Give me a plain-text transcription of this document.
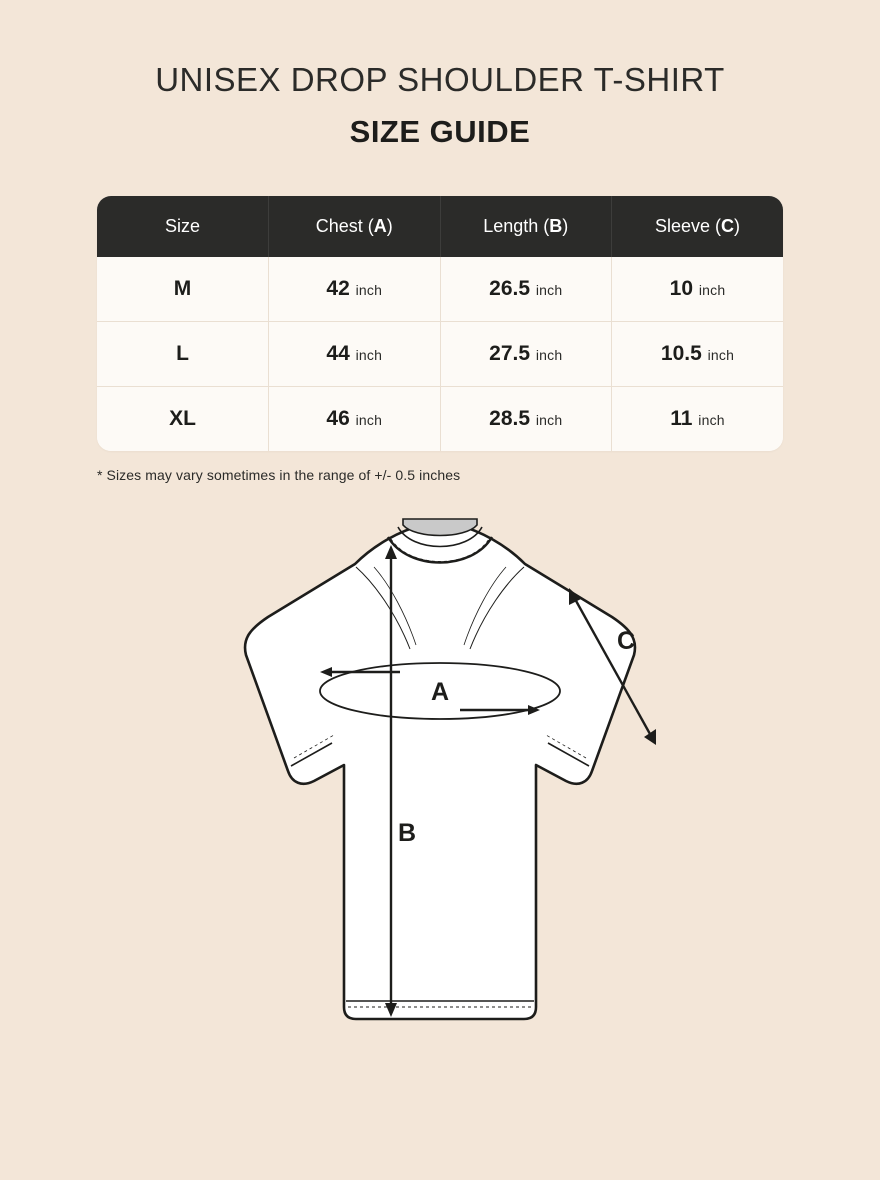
UNISEX DROP SHOULDER T-SHIRT
SIZE GUIDE
Size	Chest (A)	Length (B)	Sleeve (C)
M	42 inch	26.5 inch	10 inch
L	44 inch	27.5 inch	10.5 inch
XL	46 inch	28.5 inch	11 inch
* Sizes may vary sometimes in the range of +/- 0.5 inches
A
B
C
